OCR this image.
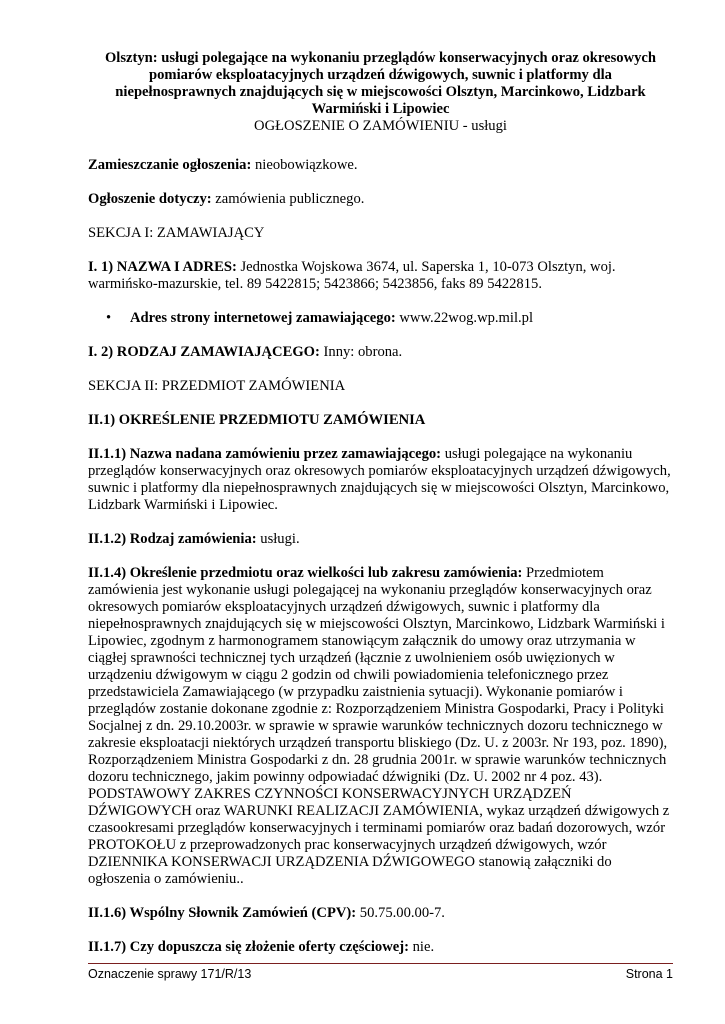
Olsztyn: usługi polegające na wykonaniu przeglądów konserwacyjnych oraz okresowych pomiarów eksploatacyjnych urządzeń dźwigowych, suwnic i platformy dla niepełnosprawnych znajdujących się w miejscowości Olsztyn, Marcinkowo, Lidzbark Warmiński i Lipowiec
OGŁOSZENIE O ZAMÓWIENIU - usługi

Zamieszczanie ogłoszenia: nieobowiązkowe.

Ogłoszenie dotyczy: zamówienia publicznego.

SEKCJA I: ZAMAWIAJĄCY

I. 1) NAZWA I ADRES: Jednostka Wojskowa 3674, ul. Saperska 1, 10-073 Olsztyn, woj. warmińsko-mazurskie, tel. 89 5422815; 5423866; 5423856, faks 89 5422815.

• Adres strony internetowej zamawiającego: www.22wog.wp.mil.pl

I. 2) RODZAJ ZAMAWIAJĄCEGO: Inny: obrona.

SEKCJA II: PRZEDMIOT ZAMÓWIENIA

II.1) OKREŚLENIE PRZEDMIOTU ZAMÓWIENIA

II.1.1) Nazwa nadana zamówieniu przez zamawiającego: usługi polegające na wykonaniu przeglądów konserwacyjnych oraz okresowych pomiarów eksploatacyjnych urządzeń dźwigowych, suwnic i platformy dla niepełnosprawnych znajdujących się w miejscowości Olsztyn, Marcinkowo, Lidzbark Warmiński i Lipowiec.

II.1.2) Rodzaj zamówienia: usługi.

II.1.4) Określenie przedmiotu oraz wielkości lub zakresu zamówienia: Przedmiotem zamówienia jest wykonanie usługi polegającej na wykonaniu przeglądów konserwacyjnych oraz okresowych pomiarów eksploatacyjnych urządzeń dźwigowych, suwnic i platformy dla niepełnosprawnych znajdujących się w miejscowości Olsztyn, Marcinkowo, Lidzbark Warmiński i Lipowiec, zgodnym z harmonogramem stanowiącym załącznik do umowy oraz utrzymania w ciągłej sprawności technicznej tych urządzeń (łącznie z uwolnieniem osób uwięzionych w urządzeniu dźwigowym w ciągu 2 godzin od chwili powiadomienia telefonicznego przez przedstawiciela Zamawiającego (w przypadku zaistnienia sytuacji). Wykonanie pomiarów i przeglądów zostanie dokonane zgodnie z: Rozporządzeniem Ministra Gospodarki, Pracy i Polityki Socjalnej z dn. 29.10.2003r. w sprawie w sprawie warunków technicznych dozoru technicznego w zakresie eksploatacji niektórych urządzeń transportu bliskiego (Dz. U. z 2003r. Nr 193, poz. 1890), Rozporządzeniem Ministra Gospodarki z dn. 28 grudnia 2001r. w sprawie warunków technicznych dozoru technicznego, jakim powinny odpowiadać dźwigniki (Dz. U. 2002 nr 4 poz. 43). PODSTAWOWY ZAKRES CZYNNOŚCI KONSERWACYJNYCH URZĄDZEŃ DŹWIGOWYCH oraz WARUNKI REALIZACJI ZAMÓWIENIA, wykaz urządzeń dźwigowych z czasookresami przeglądów konserwacyjnych i terminami pomiarów oraz badań dozorowych, wzór PROTOKOŁU z przeprowadzonych prac konserwacyjnych urządzeń dźwigowych, wzór DZIENNIKA KONSERWACJI URZĄDZENIA DŹWIGOWEGO stanowią załączniki do ogłoszenia o zamówieniu..

II.1.6) Wspólny Słownik Zamówień (CPV): 50.75.00.00-7.

II.1.7) Czy dopuszcza się złożenie oferty częściowej: nie.

Oznaczenie sprawy 171/R/13	Strona 1
